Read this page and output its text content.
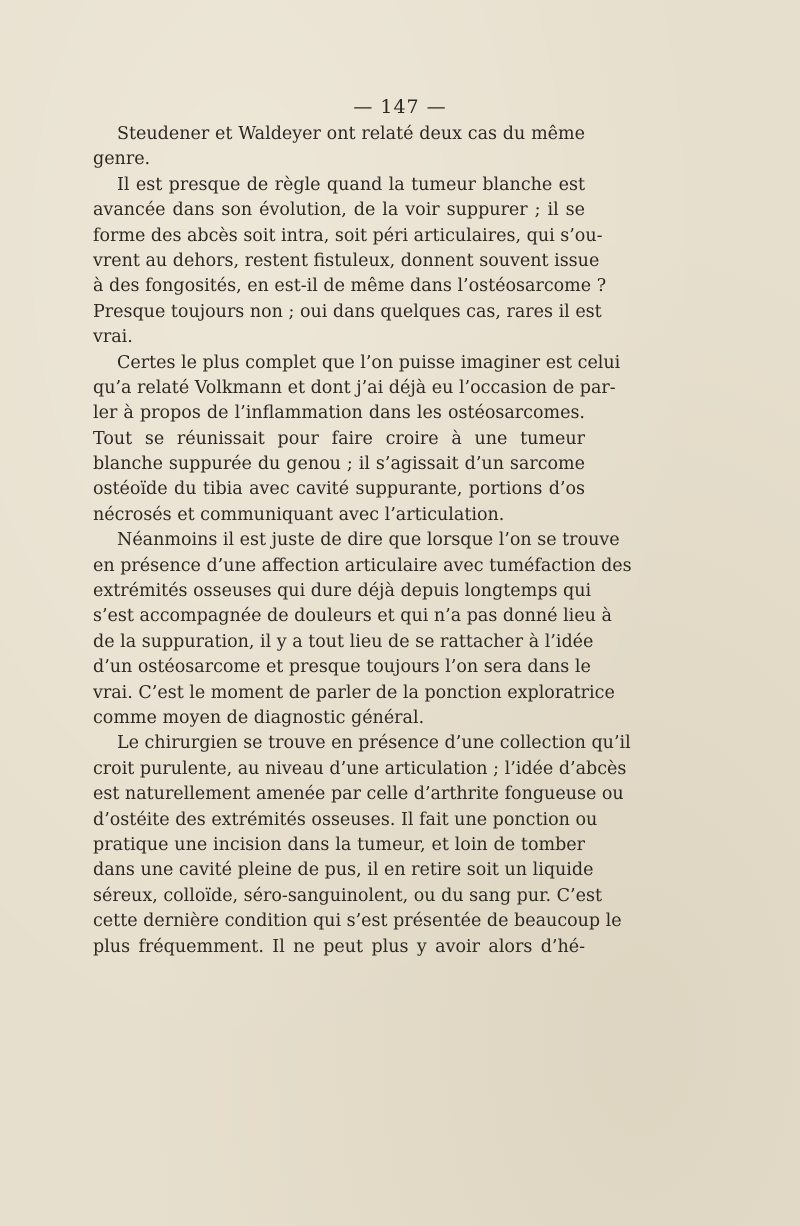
— 147 —
Steudener et Waldeyer ont relaté deux cas du même
genre.
Il est presque de règle quand la tumeur blanche est
avancée dans son évolution, de la voir suppurer ; il se
forme des abcès soit intra, soit péri articulaires, qui s’ou-
vrent au dehors, restent fistuleux, donnent souvent issue
à des fongosités, en est-il de même dans l’ostéosarcome ?
Presque toujours non ; oui dans quelques cas, rares il est
vrai.
Certes le plus complet que l’on puisse imaginer est celui
qu’a relaté Volkmann et dont j’ai déjà eu l’occasion de par-
ler à propos de l’inflammation dans les ostéosarcomes.
Tout se réunissait pour faire croire à une tumeur
blanche suppurée du genou ; il s’agissait d’un sarcome
ostéoïde du tibia avec cavité suppurante, portions d’os
nécrosés et communiquant avec l’articulation.
Néanmoins il est juste de dire que lorsque l’on se trouve
en présence d’une affection articulaire avec tuméfaction des
extrémités osseuses qui dure déjà depuis longtemps qui
s’est accompagnée de douleurs et qui n’a pas donné lieu à
de la suppuration, il y a tout lieu de se rattacher à l’idée
d’un ostéosarcome et presque toujours l’on sera dans le
vrai. C’est le moment de parler de la ponction exploratrice
comme moyen de diagnostic général.
Le chirurgien se trouve en présence d’une collection qu’il
croit purulente, au niveau d’une articulation ; l’idée d’abcès
est naturellement amenée par celle d’arthrite fongueuse ou
d’ostéite des extrémités osseuses. Il fait une ponction ou
pratique une incision dans la tumeur, et loin de tomber
dans une cavité pleine de pus, il en retire soit un liquide
séreux, colloïde, séro-sanguinolent, ou du sang pur. C’est
cette dernière condition qui s’est présentée de beaucoup le
plus fréquemment. Il ne peut plus y avoir alors d’hé-
